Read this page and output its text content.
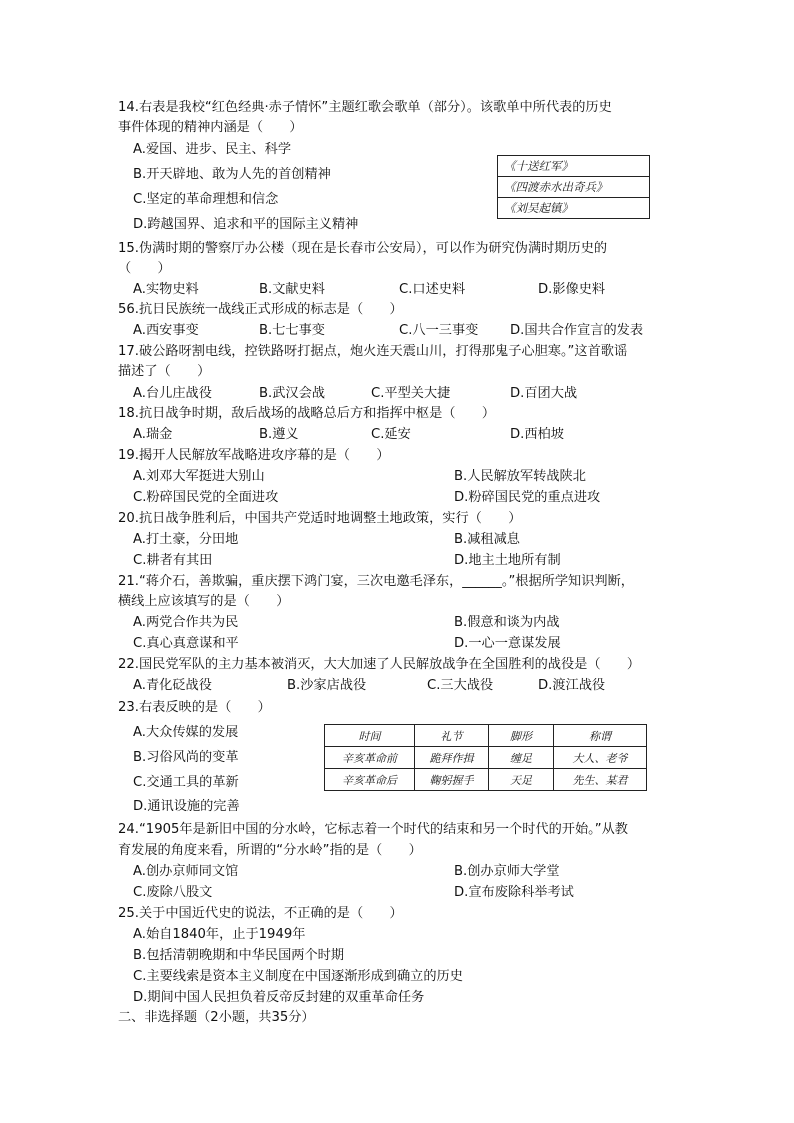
14.右表是我校“红色经典·赤子情怀”主题红歌会歌单（部分）。该歌单中所代表的历史
事件体现的精神内涵是（　　）
A.爱国、进步、民主、科学
B.开天辟地、敢为人先的首创精神
C.坚定的革命理想和信念
D.跨越国界、追求和平的国际主义精神
《十送红军》
《四渡赤水出奇兵》
《刘吴起镇》
15.伪满时期的警察厅办公楼（现在是长春市公安局），可以作为研究伪满时期历史的
（　　）
A.实物史料	B.文献史料	C.口述史料	D.影像史料
56.抗日民族统一战线正式形成的标志是（　　）
A.西安事变	B.七七事变	C.八一三事变 D.国共合作宣言的发表
17.破公路呀割电线，控铁路呀打据点，炮火连天震山川，打得那鬼子心胆寒。”这首歌谣
描述了（　　）
A.台儿庄战役	B.武汉会战	C.平型关大捷	D.百团大战
18.抗日战争时期，敌后战场的战略总后方和指挥中枢是（　　）
A.瑞金	B.遵义	C.延安	D.西柏坡
19.揭开人民解放军战略进攻序幕的是（　　）
A.刘邓大军挺进大别山	B.人民解放军转战陕北
C.粉碎国民党的全面进攻	D.粉碎国民党的重点进攻
20.抗日战争胜利后，中国共产党适时地调整土地政策，实行（　　）
A.打土豪，分田地	B.减租减息
C.耕者有其田	D.地主土地所有制
21.“蒋介石，善欺骗，重庆摆下鸿门宴，三次电邀毛泽东，______。”根据所学知识判断，
横线上应该填写的是（　　）
A.两党合作共为民	B.假意和谈为内战
C.真心真意谋和平	D.一心一意谋发展
22.国民党军队的主力基本被消灭，大大加速了人民解放战争在全国胜利的战役是（　　）
A.青化砭战役	B.沙家店战役	C.三大战役	D.渡江战役
23.右表反映的是（　　）
A.大众传媒的发展
B.习俗风尚的变革
C.交通工具的革新
D.通讯设施的完善
时间	礼节	脚形	称谓
辛亥革命前	跪拜作揖	缠足	大人、老爷
辛亥革命后	鞠躬握手	天足	先生、某君
24.“1905年是新旧中国的分水岭，它标志着一个时代的结束和另一个时代的开始。”从教
育发展的角度来看，所谓的“分水岭”指的是（　　）
A.创办京师同文馆	B.创办京师大学堂
C.废除八股文	D.宣布废除科举考试
25.关于中国近代史的说法，不正确的是（　　）
A.始自1840年，止于1949年
B.包括清朝晚期和中华民国两个时期
C.主要线索是资本主义制度在中国逐渐形成到确立的历史
D.期间中国人民担负着反帝反封建的双重革命任务
二、非选择题（2小题，共35分）
